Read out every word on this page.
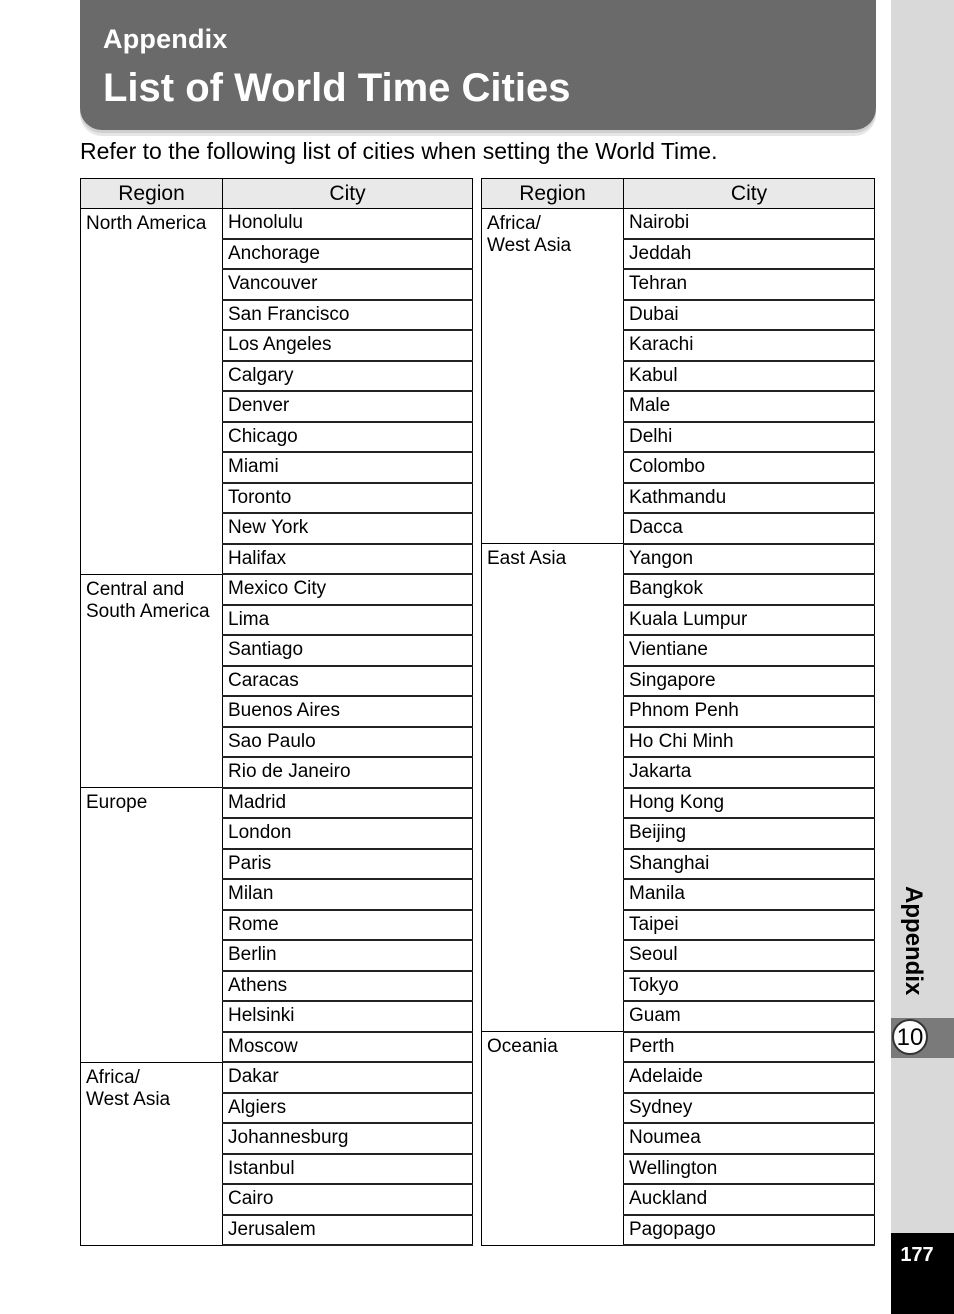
Appendix
List of World Time Cities
Refer to the following list of cities when setting the World Time.
Region	City
North America	Honolulu
	Anchorage
	Vancouver
	San Francisco
	Los Angeles
	Calgary
	Denver
	Chicago
	Miami
	Toronto
	New York
	Halifax
Central and
South America	Mexico City
	Lima
	Santiago
	Caracas
	Buenos Aires
	Sao Paulo
	Rio de Janeiro
Europe	Madrid
	London
	Paris
	Milan
	Rome
	Berlin
	Athens
	Helsinki
	Moscow
Africa/
West Asia	Dakar
	Algiers
	Johannesburg
	Istanbul
	Cairo
	Jerusalem
Region	City
Africa/
West Asia	Nairobi
	Jeddah
	Tehran
	Dubai
	Karachi
	Kabul
	Male
	Delhi
	Colombo
	Kathmandu
	Dacca
East Asia	Yangon
	Bangkok
	Kuala Lumpur
	Vientiane
	Singapore
	Phnom Penh
	Ho Chi Minh
	Jakarta
	Hong Kong
	Beijing
	Shanghai
	Manila
	Taipei
	Seoul
	Tokyo
	Guam
Oceania	Perth
	Adelaide
	Sydney
	Noumea
	Wellington
	Auckland
	Pagopago
Appendix
10
177
